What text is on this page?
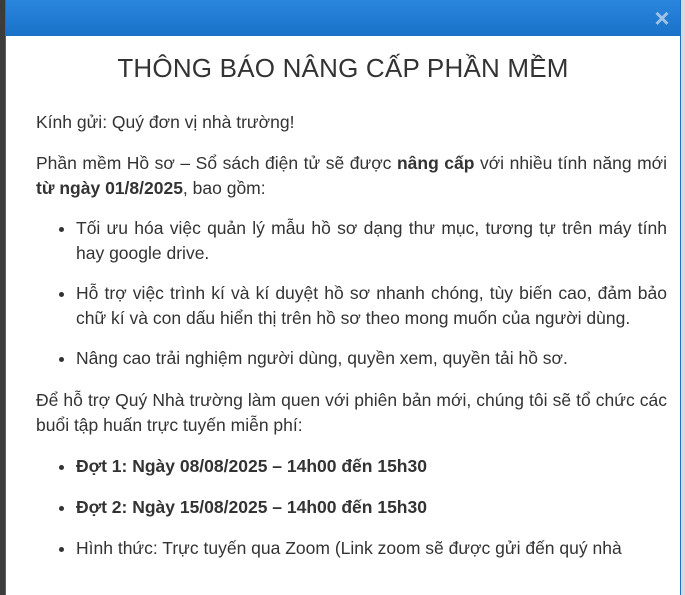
×
THÔNG BÁO NÂNG CẤP PHẦN MỀM

Kính gửi: Quý đơn vị nhà trường!

Phần mềm Hồ sơ – Sổ sách điện tử sẽ được nâng cấp với nhiều tính năng mới từ ngày 01/8/2025, bao gồm:

• Tối ưu hóa việc quản lý mẫu hồ sơ dạng thư mục, tương tự trên máy tính hay google drive.
• Hỗ trợ việc trình kí và kí duyệt hồ sơ nhanh chóng, tùy biến cao, đảm bảo chữ kí và con dấu hiển thị trên hồ sơ theo mong muốn của người dùng.
• Nâng cao trải nghiệm người dùng, quyền xem, quyền tải hồ sơ.

Để hỗ trợ Quý Nhà trường làm quen với phiên bản mới, chúng tôi sẽ tổ chức các buổi tập huấn trực tuyến miễn phí:

• Đợt 1: Ngày 08/08/2025 – 14h00 đến 15h30
• Đợt 2: Ngày 15/08/2025 – 14h00 đến 15h30
• Hình thức: Trực tuyến qua Zoom (Link zoom sẽ được gửi đến quý nhà
